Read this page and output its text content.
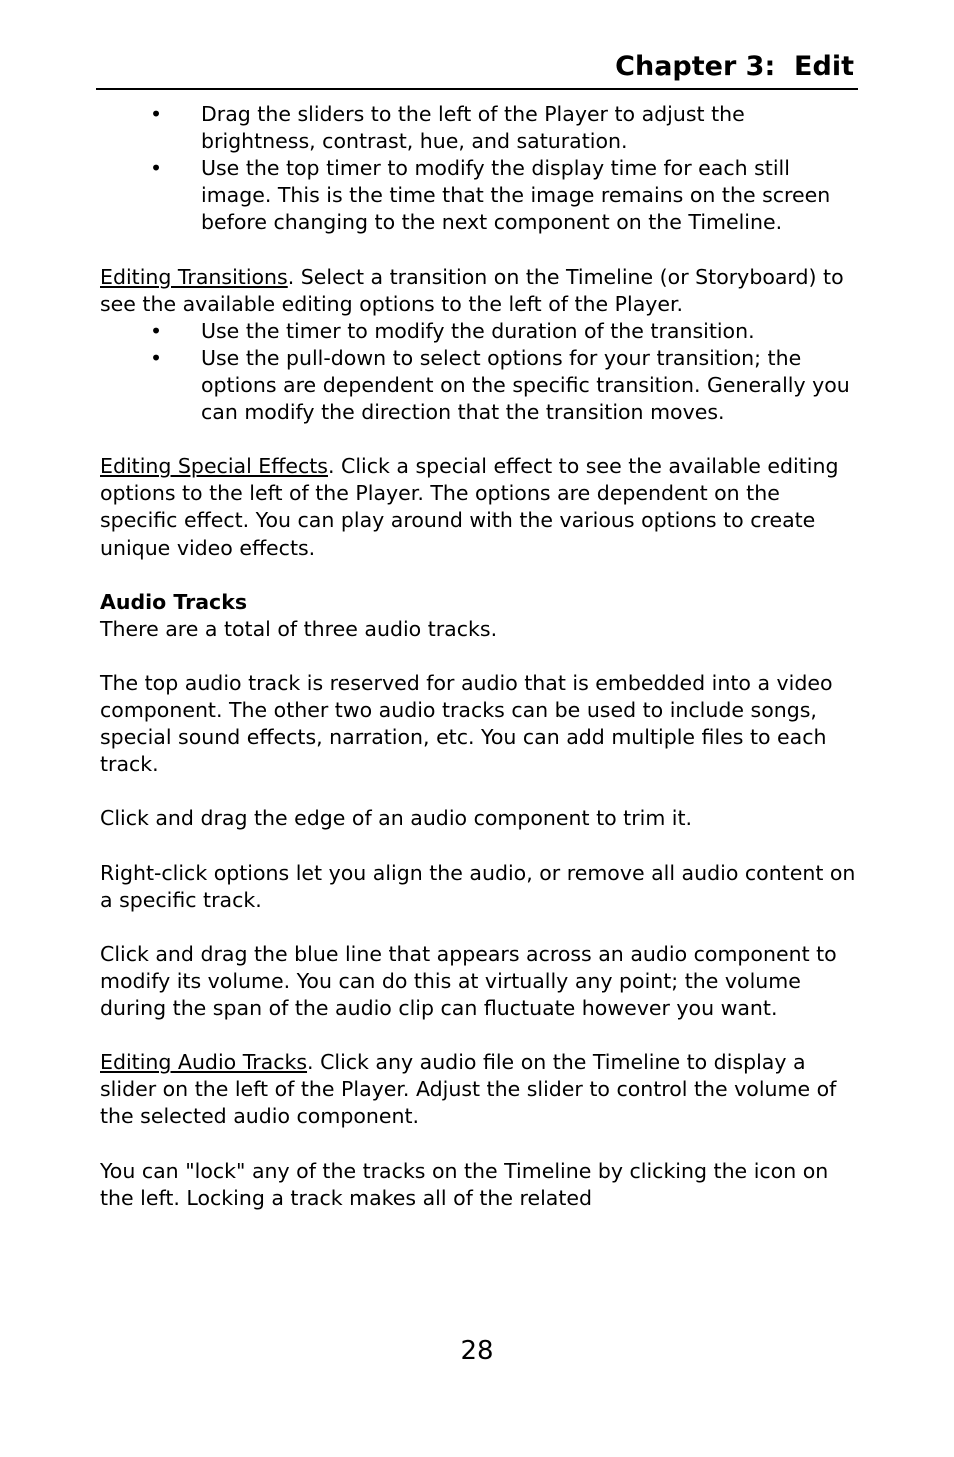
Chapter 3:  Edit
• Drag the sliders to the left of the Player to adjust the brightness, contrast, hue, and saturation.
• Use the top timer to modify the display time for each still image. This is the time that the image remains on the screen before changing to the next component on the Timeline.

Editing Transitions. Select a transition on the Timeline (or Storyboard) to see the available editing options to the left of the Player.

• Use the timer to modify the duration of the transition.
• Use the pull-down to select options for your transition; the options are dependent on the specific transition. Generally you can modify the direction that the transition moves.

Editing Special Effects. Click a special effect to see the available editing options to the left of the Player. The options are dependent on the specific effect. You can play around with the various options to create unique video effects.

Audio Tracks
There are a total of three audio tracks.

The top audio track is reserved for audio that is embedded into a video component. The other two audio tracks can be used to include songs, special sound effects, narration, etc. You can add multiple files to each track.

Click and drag the edge of an audio component to trim it.

Right-click options let you align the audio, or remove all audio content on a specific track.

Click and drag the blue line that appears across an audio component to modify its volume. You can do this at virtually any point; the volume during the span of the audio clip can fluctuate however you want.

Editing Audio Tracks. Click any audio file on the Timeline to display a slider on the left of the Player. Adjust the slider to control the volume of the selected audio component.

You can "lock" any of the tracks on the Timeline by clicking the icon on the left. Locking a track makes all of the related

28
